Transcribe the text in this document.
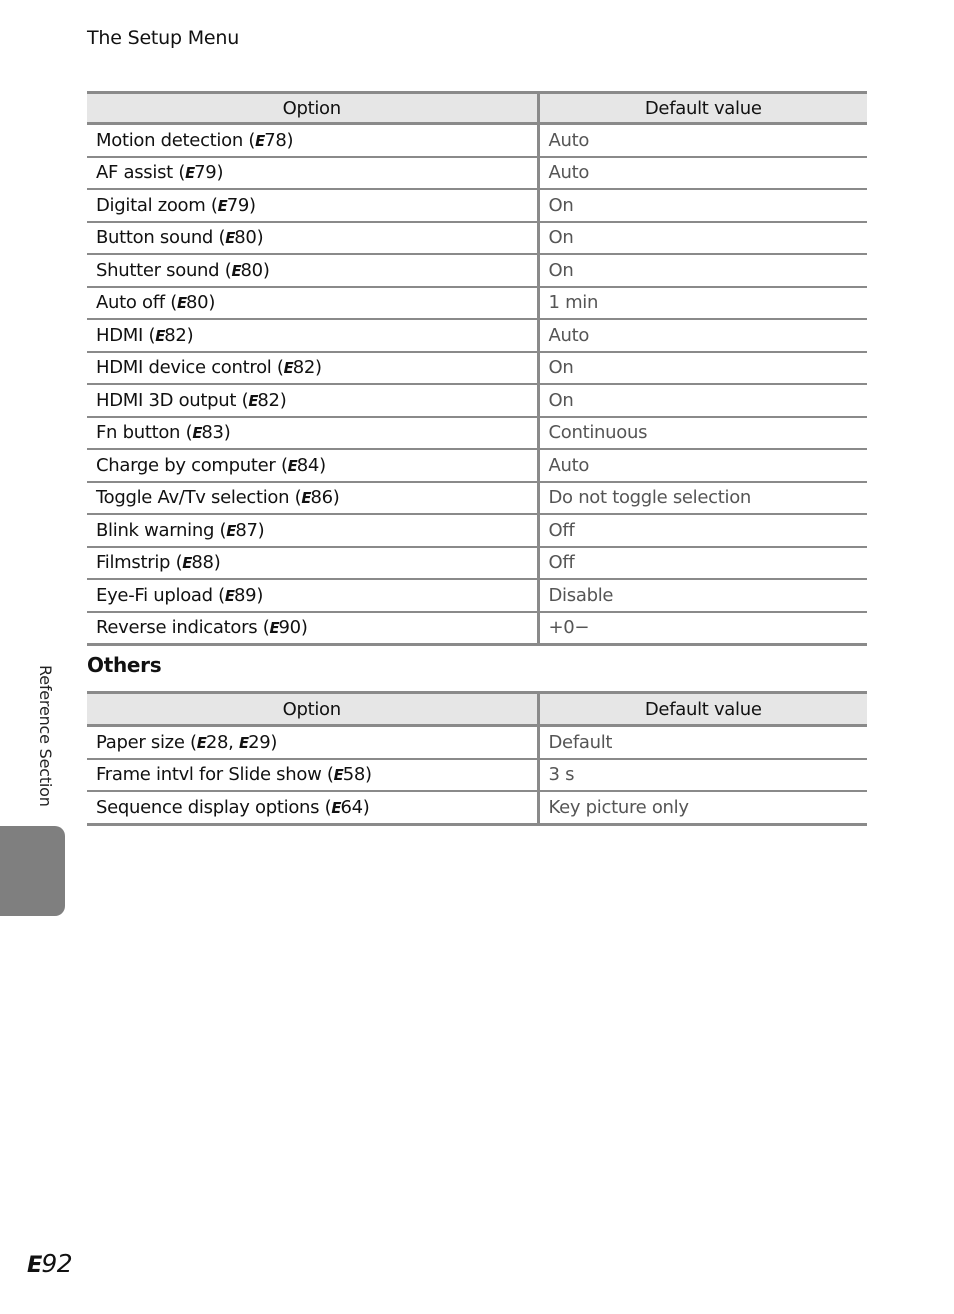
The Setup Menu
Option	Default value
Motion detection (E78)	Auto
AF assist (E79)	Auto
Digital zoom (E79)	On
Button sound (E80)	On
Shutter sound (E80)	On
Auto off (E80)	1 min
HDMI (E82)	Auto
HDMI device control (E82)	On
HDMI 3D output (E82)	On
Fn button (E83)	Continuous
Charge by computer (E84)	Auto
Toggle Av/Tv selection (E86)	Do not toggle selection
Blink warning (E87)	Off
Filmstrip (E88)	Off
Eye-Fi upload (E89)	Disable
Reverse indicators (E90)	+0−
Others
Option	Default value
Paper size (E28, E29)	Default
Frame intvl for Slide show (E58)	3 s
Sequence display options (E64)	Key picture only
Reference Section
E92
